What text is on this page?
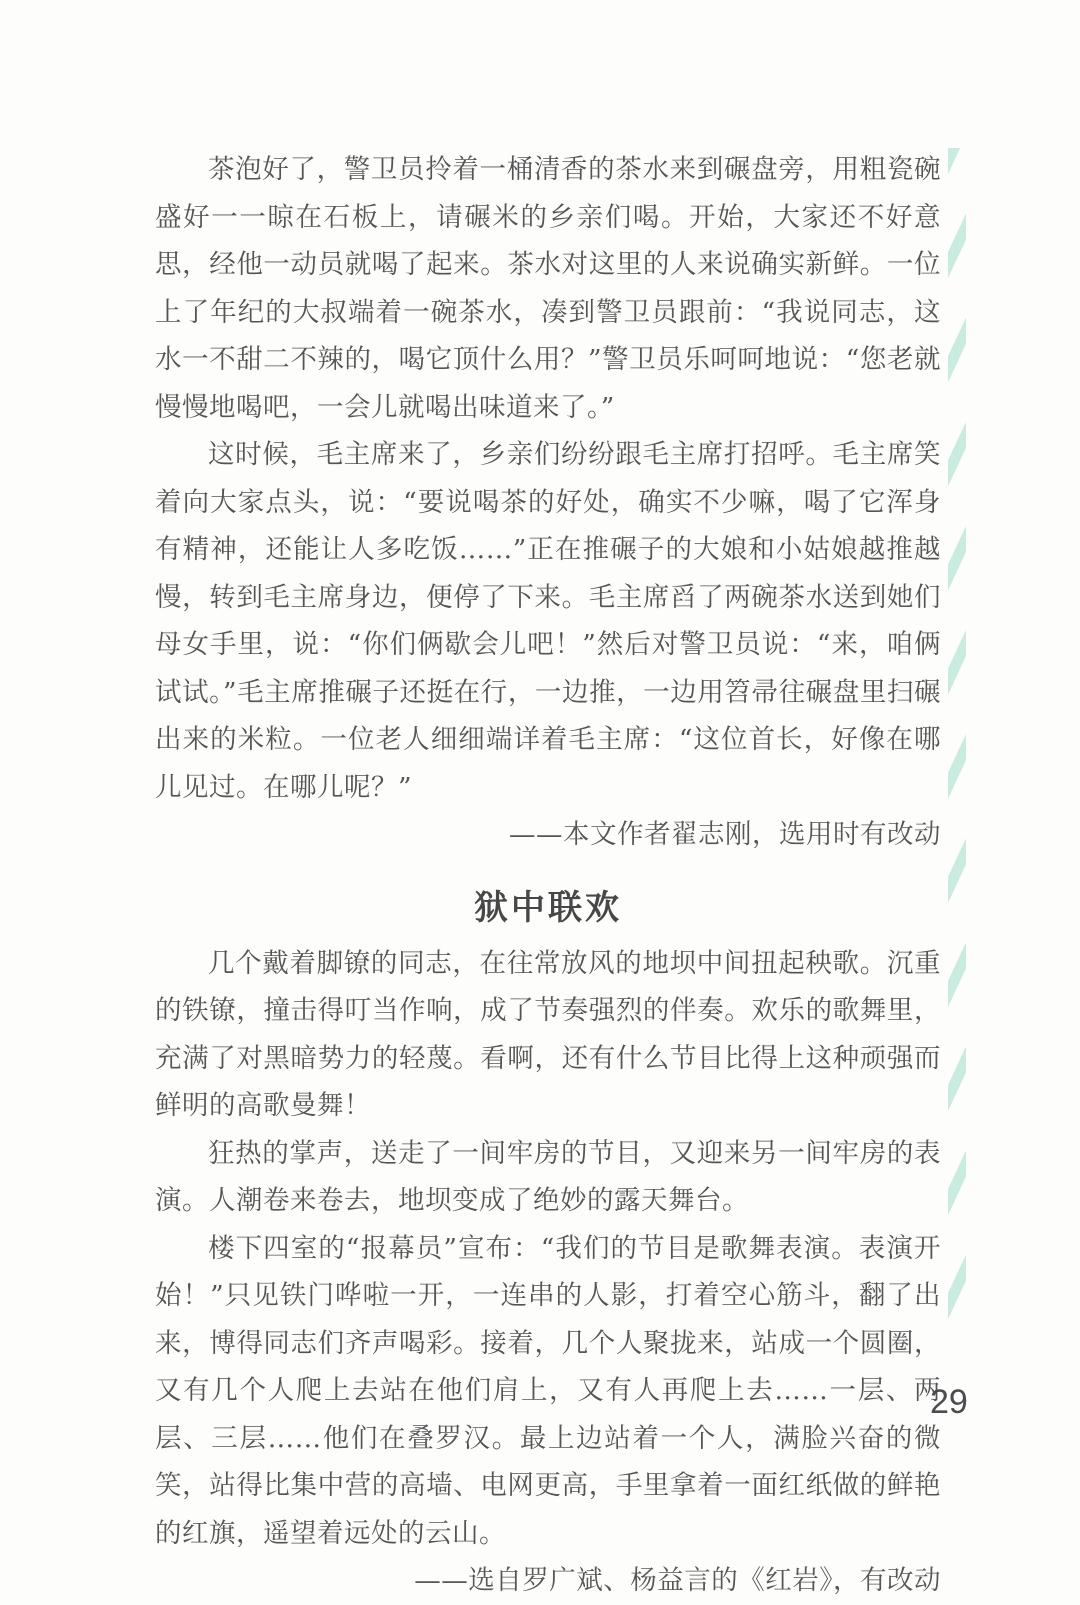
茶泡好了，警卫员拎着一桶清香的茶水来到碾盘旁，用粗瓷碗盛好一一晾在石板上，请碾米的乡亲们喝。开始，大家还不好意思，经他一动员就喝了起来。茶水对这里的人来说确实新鲜。一位上了年纪的大叔端着一碗茶水，凑到警卫员跟前：“我说同志，这水一不甜二不辣的，喝它顶什么用？”警卫员乐呵呵地说：“您老就慢慢地喝吧，一会儿就喝出味道来了。”

这时候，毛主席来了，乡亲们纷纷跟毛主席打招呼。毛主席笑着向大家点头，说：“要说喝茶的好处，确实不少嘛，喝了它浑身有精神，还能让人多吃饭……”正在推碾子的大娘和小姑娘越推越慢，转到毛主席身边，便停了下来。毛主席舀了两碗茶水送到她们母女手里，说：“你们俩歇会儿吧！”然后对警卫员说：“来，咱俩试试。”毛主席推碾子还挺在行，一边推，一边用笤帚往碾盘里扫碾出来的米粒。一位老人细细端详着毛主席：“这位首长，好像在哪儿见过。在哪儿呢？”

——本文作者翟志刚，选用时有改动

狱中联欢

几个戴着脚镣的同志，在往常放风的地坝中间扭起秧歌。沉重的铁镣，撞击得叮当作响，成了节奏强烈的伴奏。欢乐的歌舞里，充满了对黑暗势力的轻蔑。看啊，还有什么节目比得上这种顽强而鲜明的高歌曼舞！

狂热的掌声，送走了一间牢房的节目，又迎来另一间牢房的表演。人潮卷来卷去，地坝变成了绝妙的露天舞台。

楼下四室的“报幕员”宣布：“我们的节目是歌舞表演。表演开始！”只见铁门哗啦一开，一连串的人影，打着空心筋斗，翻了出来，博得同志们齐声喝彩。接着，几个人聚拢来，站成一个圆圈，又有几个人爬上去站在他们肩上，又有人再爬上去……一层、两层、三层……他们在叠罗汉。最上边站着一个人，满脸兴奋的微笑，站得比集中营的高墙、电网更高，手里拿着一面红纸做的鲜艳的红旗，遥望着远处的云山。

——选自罗广斌、杨益言的《红岩》，有改动

29
